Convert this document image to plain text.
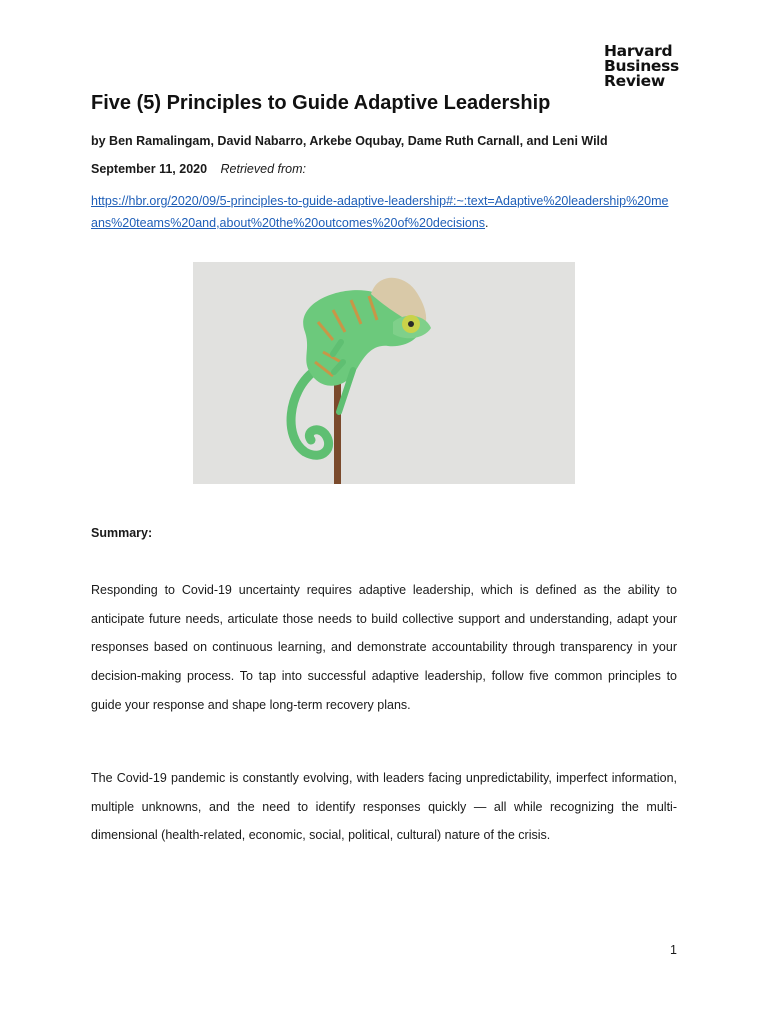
Harvard
Business
Review
Five (5) Principles to Guide Adaptive Leadership

by Ben Ramalingam, David Nabarro, Arkebe Oqubay, Dame Ruth Carnall, and Leni Wild

September 11, 2020 Retrieved from:

https://hbr.org/2020/09/5-principles-to-guide-adaptive-leadership#:~:text=Adaptive%20leadership%20means%20teams%20and,about%20the%20outcomes%20of%20decisions.

Summary:

Responding to Covid-19 uncertainty requires adaptive leadership, which is defined as the ability to anticipate future needs, articulate those needs to build collective support and understanding, adapt your responses based on continuous learning, and demonstrate accountability through transparency in your decision-making process. To tap into successful adaptive leadership, follow five common principles to guide your response and shape long-term recovery plans.

The Covid-19 pandemic is constantly evolving, with leaders facing unpredictability, imperfect information, multiple unknowns, and the need to identify responses quickly — all while recognizing the multi-dimensional (health-related, economic, social, political, cultural) nature of the crisis.

1
